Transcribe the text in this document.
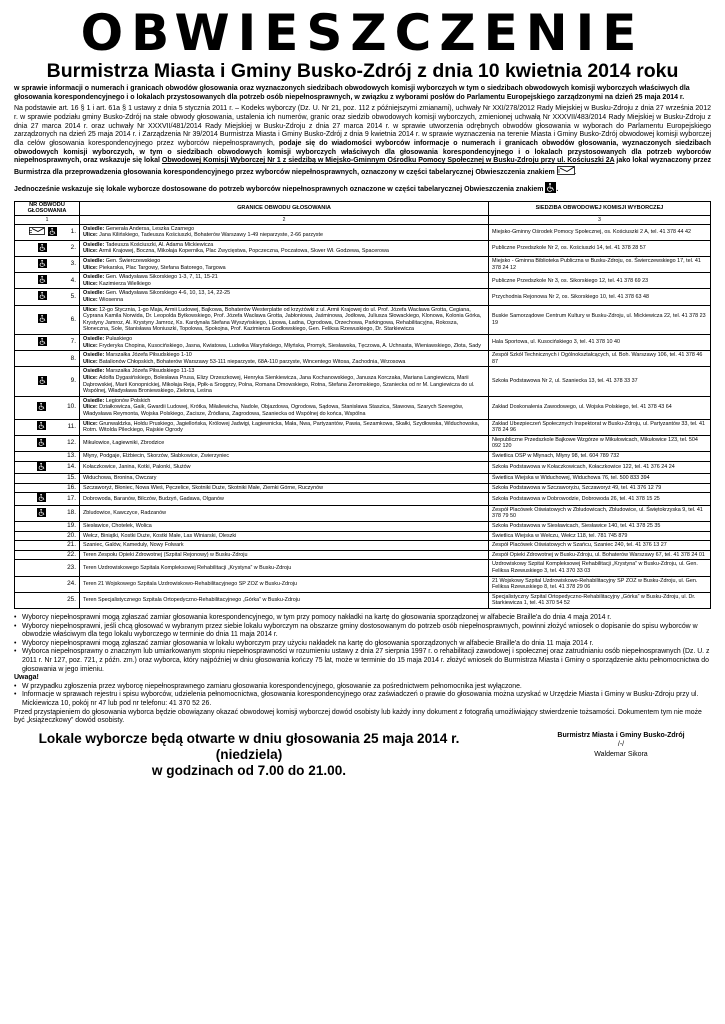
OBWIESZCZENIE
Burmistrza Miasta i Gminy Busko-Zdrój z dnia 10 kwietnia 2014 roku

w sprawie informacji o numerach i granicach obwodów głosowania oraz wyznaczonych siedzibach obwodowych komisji wyborczych w tym o siedzibach obwodowych komisji wyborczych właściwych dla głosowania korespondencyjnego i o lokalach przystosowanych dla potrzeb osób niepełnosprawnych, w związku z wyborami posłów do Parlamentu Europejskiego zarządzonymi na dzień 25 maja 2014 r.

Na podstawie art. 16 § 1 i art. 61a § 1 ustawy z dnia 5 stycznia 2011 r. – Kodeks wyborczy (Dz. U. Nr 21, poz. 112 z późniejszymi zmianami), uchwały Nr XXI/278/2012 Rady Miejskiej w Busku-Zdroju z dnia 27 września 2012 r. w sprawie podziału gminy Busko-Zdrój na stałe obwody głosowania, ustalenia ich numerów, granic oraz siedzib obwodowych komisji wyborczych, zmienionej uchwałą Nr XXXVII/483/2014 Rady Miejskiej w Busku-Zdroju z dnia 27 marca 2014 r. oraz uchwały Nr XXXVII/481/2014 Rady Miejskiej w Busku-Zdroju z dnia 27 marca 2014 r. w sprawie utworzenia odrębnych obwodów głosowania w wyborach do Parlamentu Europejskiego zarządzonych na dzień 25 maja 2014 r. i Zarządzenia Nr 39/2014 Burmistrza Miasta i Gminy Busko-Zdrój z dnia 9 kwietnia 2014 r. w sprawie wyznaczenia na terenie Miasta i Gminy Busko-Zdrój obwodowej komisji wyborczej dla celów głosowania korespondencyjnego przez wyborców niepełnosprawnych, podaje się do wiadomości wyborców informacje o numerach i granicach obwodów głosowania, wyznaczonych siedzibach obwodowych komisji wyborczych, w tym o siedzibach obwodowych komisji wyborczych właściwych dla głosowania korespondencyjnego i o lokalach przystosowanych dla potrzeb wyborców niepełnosprawnych, oraz wskazuje się lokal Obwodowej Komisji Wyborczej Nr 1 z siedzibą w Miejsko-Gminnym Ośrodku Pomocy Społecznej w Busku-Zdroju przy ul. Kościuszki 2A jako lokal wyznaczony przez Burmistrza dla przeprowadzenia głosowania korespondencyjnego przez wyborców niepełnosprawnych, oznaczony w części tabelarycznej Obwieszczenia znakiem	.

Jednocześnie wskazuje się lokale wyborcze dostosowane do potrzeb wyborców niepełnosprawnych oznaczone w części tabelarycznej Obwieszczenia znakiem .

NR OBWODU GŁOSOWANIA	GRANICE OBWODU GŁOSOWANIA	SIEDZIBA OBWODOWEJ KOMISJI WYBORCZEJ
1	2	3

1.	Osiedle: Generała Andersa, Leszka Czarnego
Ulice: Jana Kilińskiego, Tadeusza Kościuszki, Bohaterów Warszawy 1-49 nieparzyste, 2-66 parzyste	Miejsko-Gminny Ośrodek Pomocy Społecznej, os. Kościuszki 2 A, tel. 41 378 44 42

2.	Osiedle: Tadeusza Kościuszki, Al. Adama Mickiewicza
Ulice: Armii Krajowej, Boczna, Mikołaja Kopernika, Plac Zwycięstwa, Popczeczna, Poczatowa, Skwer Wł. Godzewa, Spacerowa	Publiczne Przedszkole Nr 2, os. Kościuszki 14, tel. 41 378 28 57

3.	Osiedle: Gen. Świerczewskiego
Ulice: Piekarska, Plac Targowy, Stefana Batorego, Targowa	Miejsko - Gminna Biblioteka Publiczna w Busku-Zdroju, os. Świerczewskiego 17, tel. 41 378 24 12

4.	Osiedle: Gen. Władysława Sikorskiego 1-3, 7, 11, 15-21
Ulice: Kazimierza Wielkiego	Publiczne Przedszkole Nr 3, os. Sikorskiego 12, tel. 41 378 69 23

5.	Osiedle: Gen. Władysława Sikorskiego 4-6, 10, 13, 14, 22-25
Ulice: Wiosenna	Przychodnia Rejonowa Nr 2, os. Sikorskiego 10, tel. 41 378 63 48

6.	Ulice: 12-go Stycznia, 1-go Maja, Armii Ludowej, Bajkowa, Bohaterów Westerplatte od krzyżówki z ul. Armii Krajowej do ul. Prof. Józefa Wacława Grotta, Cegiana, Cyprana Kamila Norwida, Dr. Leopolda Bytkowskiego, Prof. Józefa Wacława Grotta, Jabłoniowa, Jaśminowa, Jodłowa, Juliusza Słowackiego, Klonowa, Kolonia Górka, Krystyny Jamroz, Al. Krystyny Jamroz, Ks. Kardynała Stefana Wyszyńskiego, Lipowa, Ładna, Ogrodowa, Orzechowa, Parkingowa, Rehabilitacyjna, Rokosza, Słoneczna, Sole, Stanisława Moniuszki, Topolowa, Spokojna, Prof. Kazimierza Godłowskiego, Gen. Feliksa Rzewuskiego, Dr. Starkiewicza	Buskie Samorządowe Centrum Kultury w Busku-Zdroju, ul. Mickiewicza 22, tel. 41 378 23 19

7.	Osiedle: Pułaskiego
Ulice: Fryderyka Chopina, Kusocińskiego, Jasna, Kwiatowa, Ludwika Waryńskiego, Młyńska, Promyk, Siesławska, Tęczowa, A. Uchnasta, Wieniawskiego, Złota, Sady	Hala Sportowa, ul. Kusocińskiego 3, tel. 41 378 10 40

8.	Osiedle: Marszałka Józefa Piłsudskiego 1-10
Ulice: Batalionów Chłopskich, Bohaterów Warszawy 53-111 nieparzyste, 68A-110 parzyste, Wincentego Witosa, Zachodnia, Wrzosowa	Zespół Szkół Technicznych i Ogólnokształcących, ul. Boh. Warszawy 106, tel. 41 378 46 87

9.	Osiedle: Marszałka Józefa Piłsudskiego 11-13
Ulice: Adolfa Dygasińskiego, Bolesława Prusa, Elizy Orzeszkowej, Henryka Sienkiewicza, Jana Kochanowskiego, Janusza Korczaka, Mariana Langiewicza, Marii Dąbrowskiej, Marii Konopnickiej, Mikołaja Reja, Ppłk-a Sroggrzy, Polna, Romana Dmowskiego, Rotna, Stefana Żeromskiego, Szaniecka od nr M. Langiewicza do ul. Wspólnej, Władysława Broniewskiego, Zielona, Leśna	Szkoła Podstawowa Nr 2, ul. Szaniecka 13, tel. 41 378 33 37

10.	Osiedle: Legionów Polskich
Ulice: Działkowicza, Gaik, Gwardii Ludowej, Krótka, Miłaliewicha, Nadole, Objazdowa, Ogrodowa, Sądowa, Stanisława Staszica, Stawowa, Szarych Szeregów, Władysława Reymonta, Wojska Polskiego, Zacisze, Źródlana, Zagrodowa, Szaniecka od Wspólnej do końca, Wspólna	Zakład Doskonalenia Zawodowego, ul. Wojska Polskiego, tel. 41 378 43 64

11.	Ulice: Grunwaldzka, Hołdu Pruskiego, Jagiellońska, Królowej Jadwigi, Łagiewnicka, Mała, Nwa, Partyzantów, Pawia, Sezamkowa, Skałki, Szydłowska, Widuchowska, Rotm. Witolda Pileckiego, Rajskie Ogrody	Zakład Ubezpieczeń Społecznych Inspektorat w Busku-Zdroju, ul. Partyzantów 33, tel. 41 378 24 96

12.	Mikułowice, Łagiewniki, Zbrodzice	Niepubliczne Przedszkole Bajkowe Wzgórze w Mikułowicach, Mikułowice 123, tel. 504 092 120

13.	Młyny, Podgaje, Elżbiecin, Skorzów, Słabkowice, Zwierzyniec	Świetlica OSP w Młynach, Młyny 98, tel. 604 789 732

14.	Kołaczkowice, Janina, Kotki, Palonki, Służów	Szkoła Podstawowa w Kołaczkowicach, Kołaczkowice 122, tel. 41 376 24 24

15.	Widuchowa, Bronina, Owczary	Świetlica Wiejska w Widuchowej, Widuchowa 76, tel. 500 833 394

16.	Szczaworyż, Błoniec, Nowa Wieś, Pęczelice, Skotniki Duże, Skotniki Małe, Ziemki Górne, Ruczynów	Szkoła Podstawowa w Szczaworyżu, Szczaworyż 49, tel. 41 376 12 79

17.	Dobrowoda, Baranów, Bilczów, Budzyń, Gadawa, Olganów	Szkoła Podstawowa w Dobrowodzie, Dobrowoda 26, tel. 41 378 15 25

18.	Zbludowice, Kawczyce, Radzanów	Zespół Placówek Oświatowych w Zbludowicach, Zbludowice, ul. Świętokrzyska 9, tel. 41 378 79 50

19.	Siesławice, Chotelek, Wolica	Szkoła Podstawowa w Siesławicach, Siesławice 140, tel. 41 378 25 35

20.	Wełcz, Biniątki, Kostki Duże, Kostki Małe, Las Winiarski, Oleszki	Świetlica Wiejska w Wełczu, Wełcz 118, tel. 781 745 879

21.	Szaniec, Galów, Kameduły, Nowy Folwark	Zespół Placówek Oświatowych w Szańcu, Szaniec 240, tel. 41 376 13 27

22.	Teren Zespołu Opieki Zdrowotnej (Szpital Rejonowy) w Busku-Zdroju	Zespół Opieki Zdrowotnej w Busku-Zdroju, ul. Bohaterów Warszawy 67, tel. 41 378 24 01

23.	Teren Uzdrowiskowego Szpitala Kompleksowej Rehabilitacji „Krystyna” w Busku-Zdroju	Uzdrowiskowy Szpital Kompleksowej Rehabilitacji „Krystyna” w Busku-Zdroju, ul. Gen. Feliksa Rzewuskiego 3, tel. 41 370 33 03

24.	Teren 21 Wojskowego Szpitala Uzdrowiskowo-Rehabilitacyjnego SP ZOZ w Busku-Zdroju	21 Wojskowy Szpital Uzdrowiskowo-Rehabilitacyjny SP ZOZ w Busku-Zdroju, ul. Gen. Feliksa Rzewuskiego 8, tel. 41 378 29 06

25.	Teren Specjalistycznego Szpitala Ortopedyczno-Rehabilitacyjnego „Górka” w Busku-Zdroju	Specjalistyczny Szpital Ortopedyczno-Rehabilitacyjny „Górka” w Busku-Zdroju, ul. Dr. Starkiewicza 1, tel. 41 370 54 52
• Wyborcy niepełnosprawni mogą zgłaszać zamiar głosowania korespondencyjnego, w tym przy pomocy nakładki na kartę do głosowania sporządzonej w alfabecie Braille'a do dnia 4 maja 2014 r.
• Wyborcy niepełnosprawni, jeśli chcą głosować w wybranym przez siebie lokalu wyborczym na obszarze gminy dostosowanym do potrzeb osób niepełnosprawnych, powinni złożyć wniosek o dopisanie do spisu wyborców w obwodzie właściwym dla tego lokalu wyborczego w terminie do dnia 11 maja 2014 r.
• Wyborcy niepełnosprawni mogą zgłaszać zamiar głosowania w lokalu wyborczym przy użyciu nakładek na kartę do głosowania sporządzonych w alfabecie Braille'a do dnia 11 maja 2014 r.
• Wyborca niepełnosprawny o znacznym lub umiarkowanym stopniu niepełnosprawności w rozumieniu ustawy z dnia 27 sierpnia 1997 r. o rehabilitacji zawodowej i społecznej oraz zatrudnianiu osób niepełnosprawnych (Dz. U. z 2011 r. Nr 127, poz. 721, z późn. zm.) oraz wyborca, który najpóźniej w dniu głosowania kończy 75 lat, może w terminie do 15 maja 2014 r. złożyć wniosek do Burmistrza Miasta i Gminy o sporządzenie aktu pełnomocnictwa do głosowania w jego imieniu.
Uwaga!
• W przypadku zgłoszenia przez wyborcę niepełnosprawnego zamiaru głosowania korespondencyjnego, głosowanie za pośrednictwem pełnomocnika jest wyłączone.
• Informacje w sprawach rejestru i spisu wyborców, udzielenia pełnomocnictwa, głosowania korespondencyjnego oraz zaświadczeń o prawie do głosowania można uzyskać w Urzędzie Miasta i Gminy w Busku-Zdroju przy ul. Mickiewicza 10, pokój nr 47 lub pod nr telefonu: 41 370 52 26.

Przed przystąpieniem do głosowania wyborca będzie obowiązany okazać obwodowej komisji wyborczej dowód osobisty lub każdy inny dokument z fotografią umożliwiający stwierdzenie tożsamości. Dokumentem tym nie może być „książeczkowy” dowód osobisty.

Lokale wyborcze będą otwarte w dniu głosowania 25 maja 2014 r. (niedziela)
w godzinach od 7.00 do 21.00.
Burmistrz Miasta i Gminy Busko-Zdrój
/-/
Waldemar Sikora
